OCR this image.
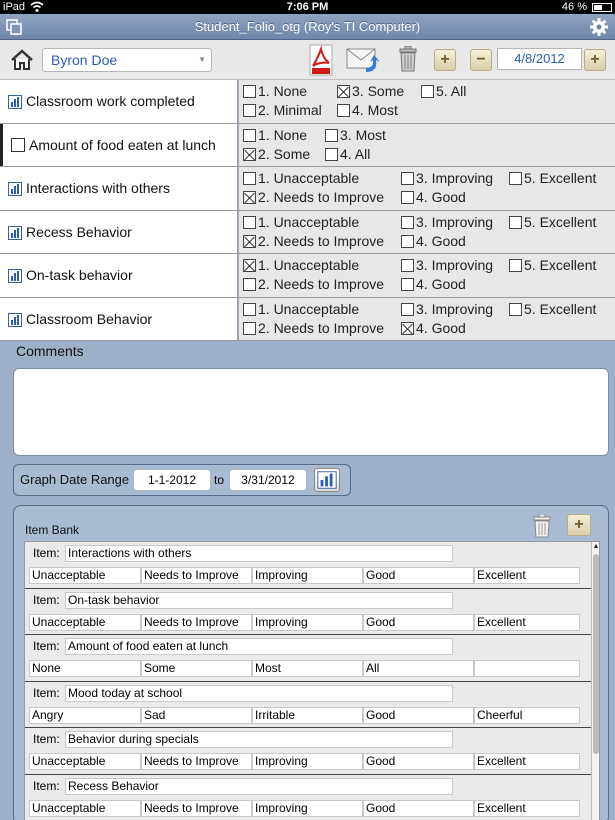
iPad	7:06 PM	46 %
Student_Folio_otg (Roy's TI Computer)
Byron Doe	▼	+	−	+
4/8/2012
Classroom work completed
1. None	3. Some	5. All
2. Minimal	4. Most
Amount of food eaten at lunch
1. None	3. Most
2. Some	4. All
Interactions with others
1. Unacceptable	3. Improving	5. Excellent
2. Needs to Improve	4. Good
Recess Behavior
1. Unacceptable	3. Improving	5. Excellent
2. Needs to Improve	4. Good
On-task behavior
1. Unacceptable	3. Improving	5. Excellent
2. Needs to Improve	4. Good
Classroom Behavior
1. Unacceptable	3. Improving	5. Excellent
2. Needs to Improve	4. Good
Comments
Graph Date Range	1-1-2012	to	3/31/2012
Item Bank	+
Item: Interactions with others
Unacceptable	Needs to Improve	Improving	Good	Excellent
Item: On-task behavior
Unacceptable	Needs to Improve	Improving	Good	Excellent
Item: Amount of food eaten at lunch
None	Some	Most	All
Item: Mood today at school
Angry	Sad	Irritable	Good	Cheerful
Item: Behavior during specials
Unacceptable	Needs to Improve	Improving	Good	Excellent
Item: Recess Behavior
Unacceptable	Needs to Improve	Improving	Good	Excellent
▲
